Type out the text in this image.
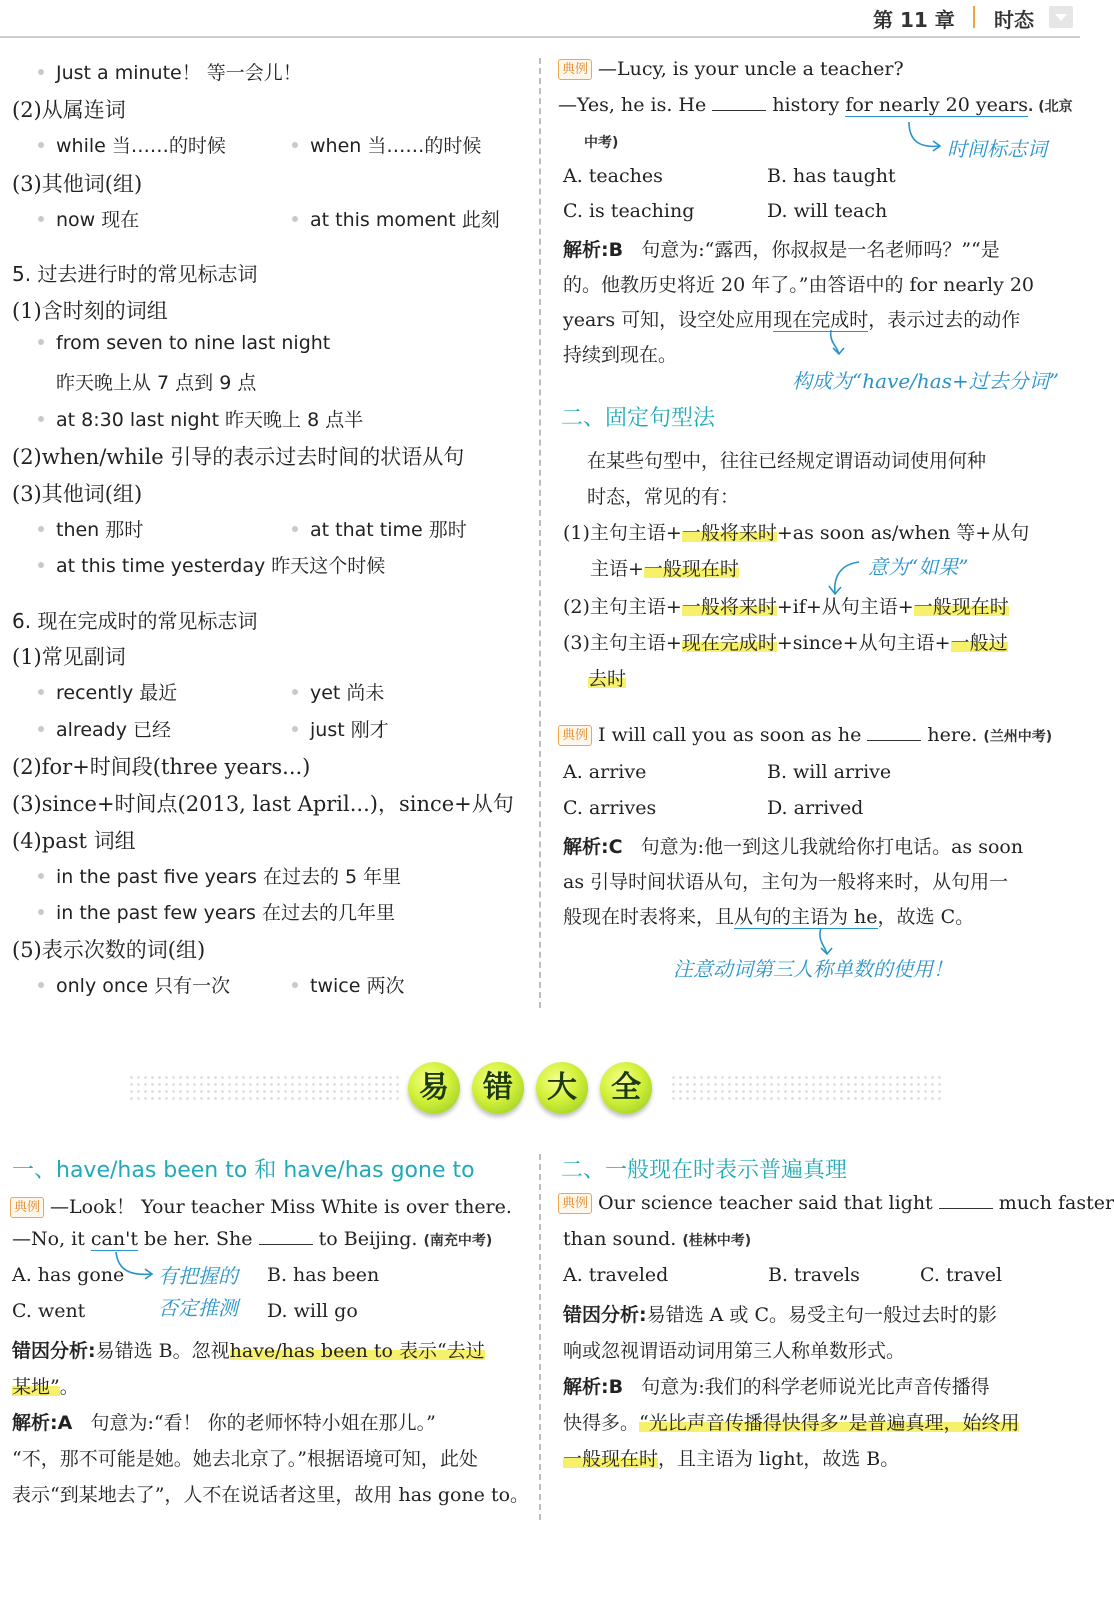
第 11 章 时态
Just a minute！ 等一会儿！
(2)从属连词
while 当……的时候	when 当……的时候
(3)其他词(组)
now 现在	at this moment 此刻
5. 过去进行时的常见标志词
(1)含时刻的词组
from seven to nine last night
昨天晚上从 7 点到 9 点
at 8:30 last night 昨天晚上 8 点半
(2)when/while 引导的表示过去时间的状语从句
(3)其他词(组)
then 那时	at that time 那时
at this time yesterday 昨天这个时候
6. 现在完成时的常见标志词
(1)常见副词
recently 最近	yet 尚未
already 已经	just 刚才
(2)for+时间段(three years...)
(3)since+时间点(2013, last April...)，since+从句
(4)past 词组
in the past five years 在过去的 5 年里
in the past few years 在过去的几年里
(5)表示次数的词(组)
only once 只有一次	twice 两次
典例 —Lucy, is your uncle a teacher?
—Yes, he is. He	history for nearly 20 years. (北京
中考)	时间标志词
A. teaches	B. has taught
C. is teaching	D. will teach
解析:B 句意为:“露西，你叔叔是一名老师吗？”“是
的。他教历史将近 20 年了。”由答语中的 for nearly 20
years 可知，设空处应用现在完成时，表示过去的动作
持续到现在。
构成为“have/has+过去分词”
二、固定句型法
在某些句型中，往往已经规定谓语动词使用何种
时态，常见的有：
(1)主句主语+一般将来时+as soon as/when 等+从句
主语+一般现在时	意为“如果”
(2)主句主语+一般将来时+if+从句主语+一般现在时
(3)主句主语+现在完成时+since+从句主语+一般过
去时
典例 I will call you as soon as he	here. (兰州中考)
A. arrive	B. will arrive
C. arrives	D. arrived
解析:C 句意为:他一到这儿我就给你打电话。as soon
as 引导时间状语从句，主句为一般将来时，从句用一
般现在时表将来，且从句的主语为 he，故选 C。
注意动词第三人称单数的使用！
易	错	大	全
一、have/has been to 和 have/has gone to
典例 —Look！ Your teacher Miss White is over there.
—No, it can't be her. She	to Beijing. (南充中考)
A. has gone 有把握的 B. has been
C. went	否定推测 D. will go
错因分析:易错选 B。忽视have/has been to 表示“去过
某地”。
解析:A 句意为:“看！ 你的老师怀特小姐在那儿。”
“不，那不可能是她。她去北京了。”根据语境可知，此处
表示“到某地去了”，人不在说话者这里，故用 has gone to。
二、一般现在时表示普遍真理
典例 Our science teacher said that light	much faster
than sound. (桂林中考)
A. traveled	B. travels	C. travel
错因分析:易错选 A 或 C。易受主句一般过去时的影
响或忽视谓语动词用第三人称单数形式。
解析:B 句意为:我们的科学老师说光比声音传播得
快得多。“光比声音传播得快得多”是普遍真理，始终用
一般现在时，且主语为 light，故选 B。
